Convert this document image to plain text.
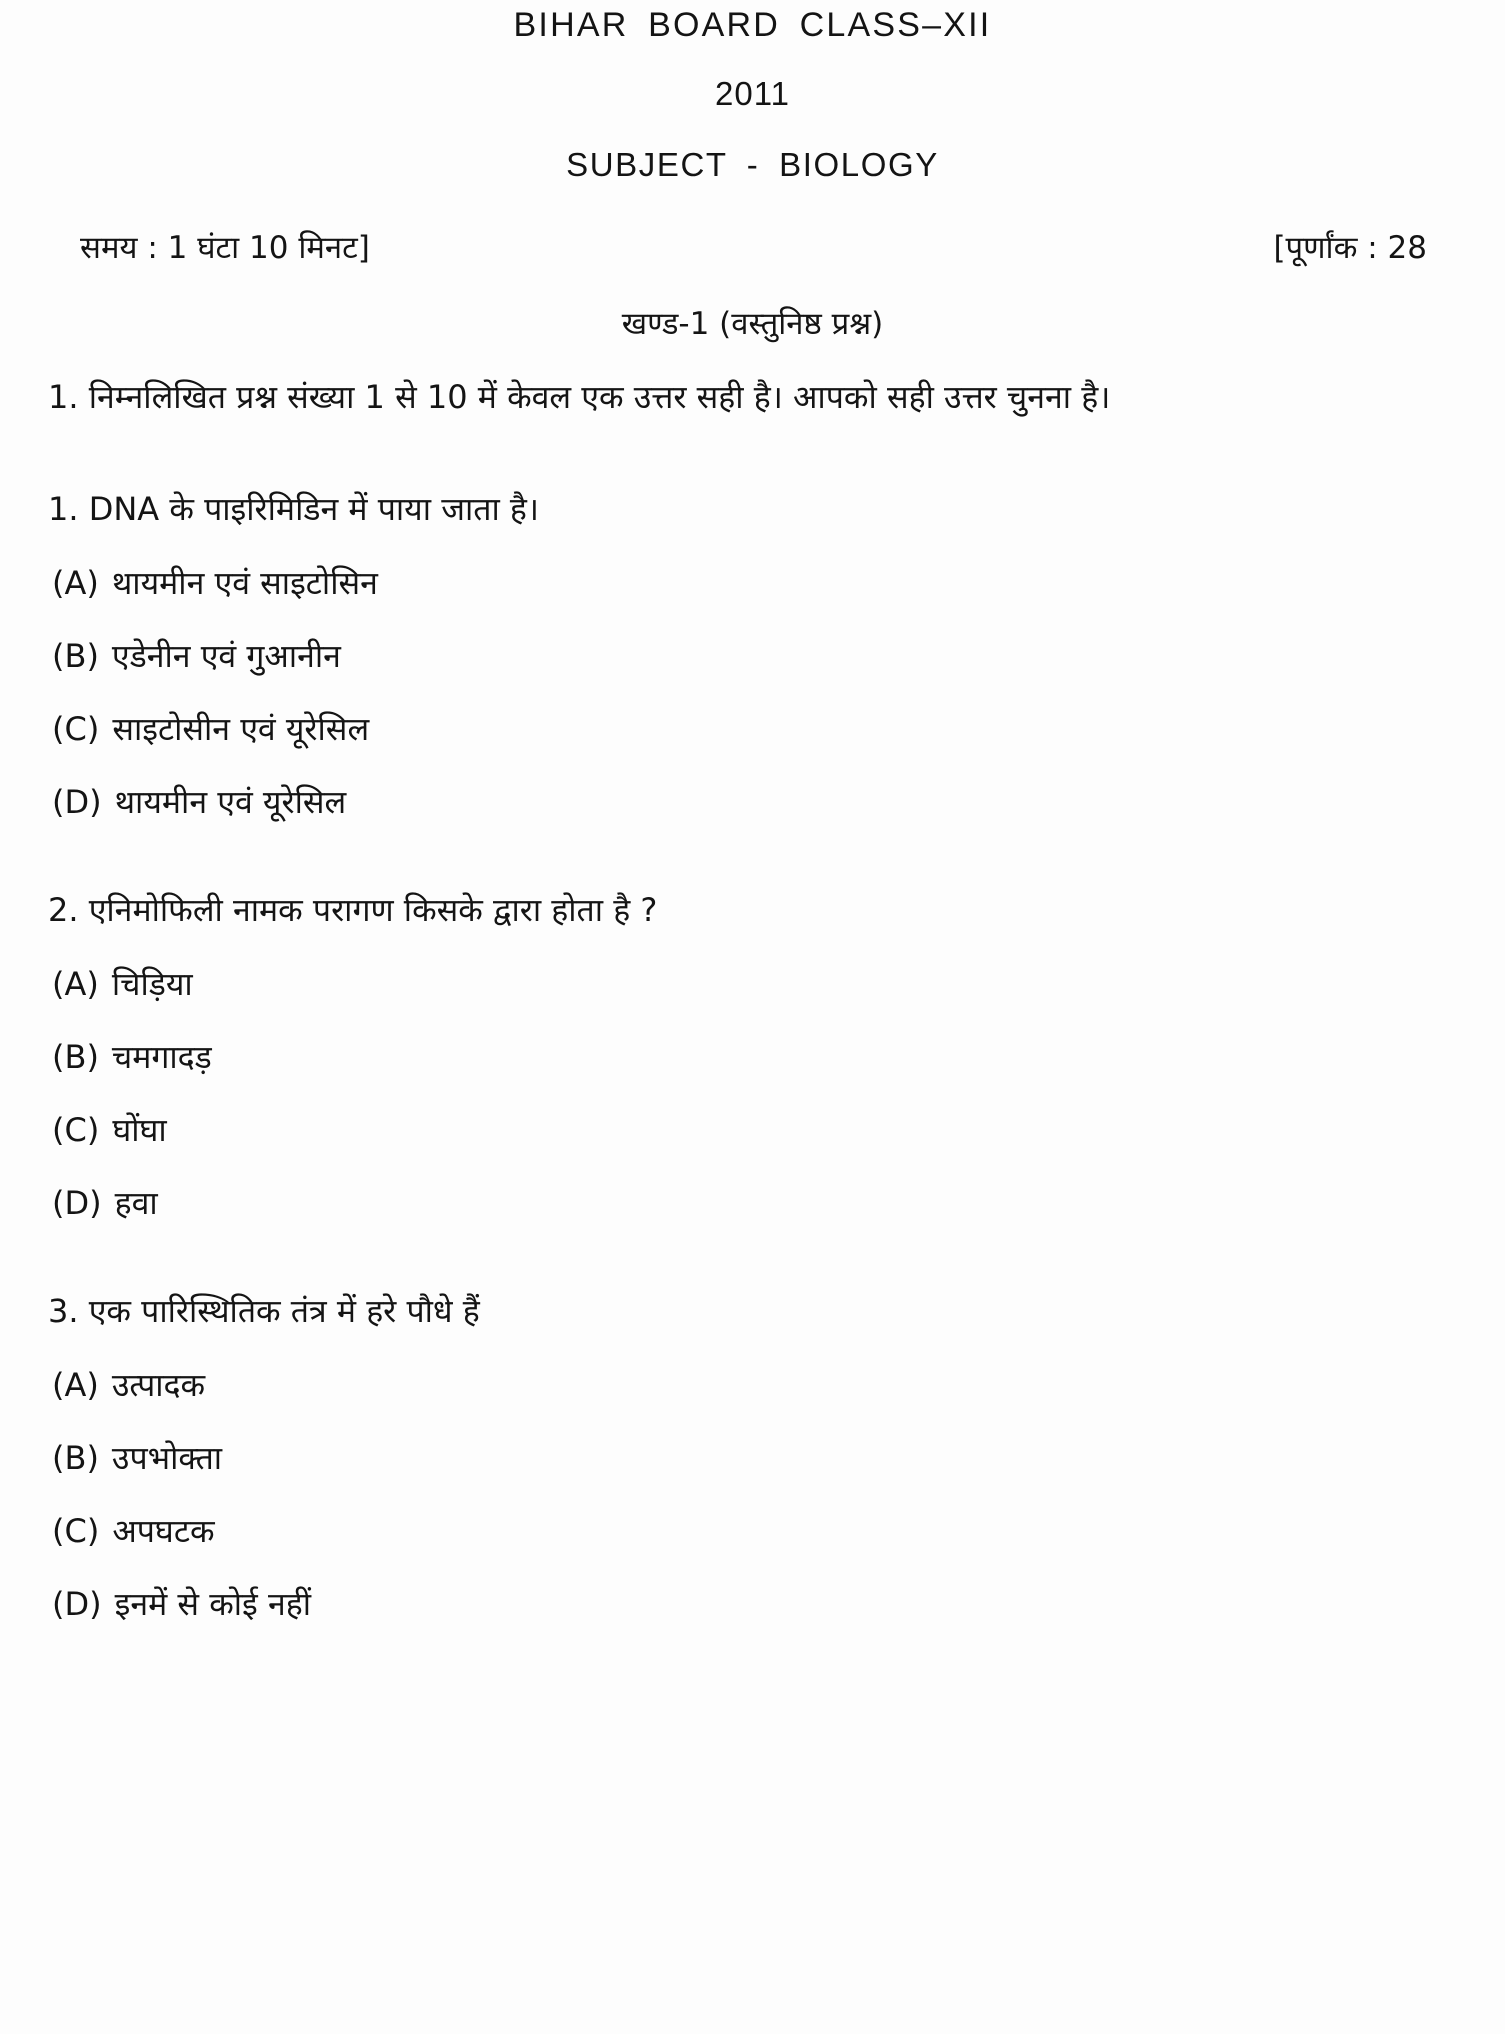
BIHAR BOARD CLASS–XII
2011
SUBJECT - BIOLOGY
समय : 1 घंटा 10 मिनट]	[पूर्णांक : 28
खण्ड-1 (वस्तुनिष्ठ प्रश्न)
1. निम्नलिखित प्रश्न संख्या 1 से 10 में केवल एक उत्तर सही है। आपको सही उत्तर चुनना है।
1. DNA के पाइरिमिडिन में पाया जाता है।
(A) थायमीन एवं साइटोसिन
(B) एडेनीन एवं गुआनीन
(C) साइटोसीन एवं यूरेसिल
(D) थायमीन एवं यूरेसिल
2. एनिमोफिली नामक परागण किसके द्वारा होता है ?
(A) चिड़िया
(B) चमगादड़
(C) घोंघा
(D) हवा
3. एक पारिस्थितिक तंत्र में हरे पौधे हैं
(A) उत्पादक
(B) उपभोक्ता
(C) अपघटक
(D) इनमें से कोई नहीं
